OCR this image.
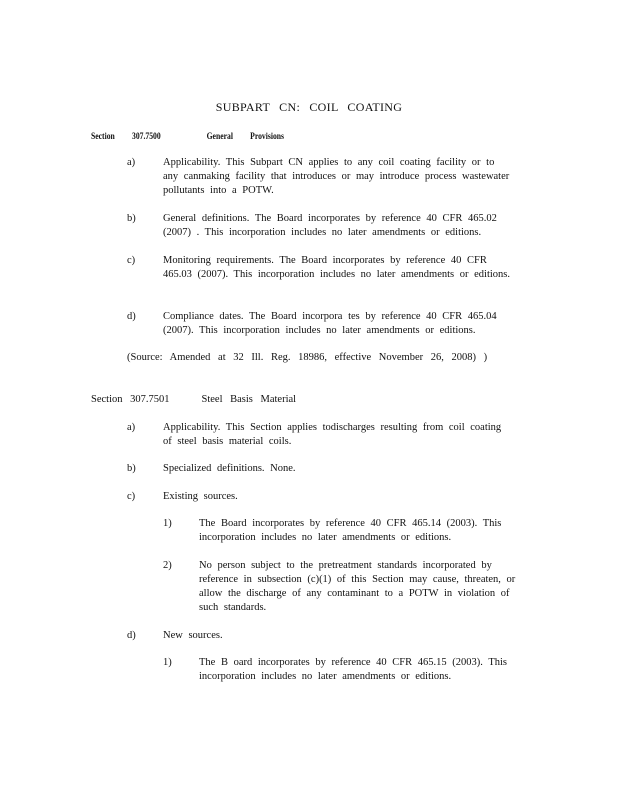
SUBPART CN: COIL COATING
Section 307.7500	General Provisions
a)	Applicability. This Subpart CN applies to any coil coating facility or to any canmaking facility that introduces or may introduce process wastewater pollutants into a POTW.
b)	General definitions. The Board incorporates by reference 40 CFR 465.02 (2007) . This incorporation includes no later amendments or editions.
c)	Monitoring requirements. The Board incorporates by reference 40 CFR 465.03 (2007). This incorporation includes no later amendments or editions.
d)	Compliance dates. The Board incorpora tes by reference 40 CFR 465.04 (2007). This incorporation includes no later amendments or editions.
(Source: Amended at 32 Ill. Reg. 18986, effective November 26, 2008) )
Section 307.7501	Steel Basis Material
a)	Applicability. This Section applies todischarges resulting from coil coating of steel basis material coils.
b)	Specialized definitions. None.
c)	Existing sources.
1)	The Board incorporates by reference 40 CFR 465.14 (2003). This incorporation includes no later amendments or editions.
2)	No person subject to the pretreatment standards incorporated by reference in subsection (c)(1) of this Section may cause, threaten, or allow the discharge of any contaminant to a POTW in violation of such standards.
d)	New sources.
1)	The B oard incorporates by reference 40 CFR 465.15 (2003). This incorporation includes no later amendments or editions.
